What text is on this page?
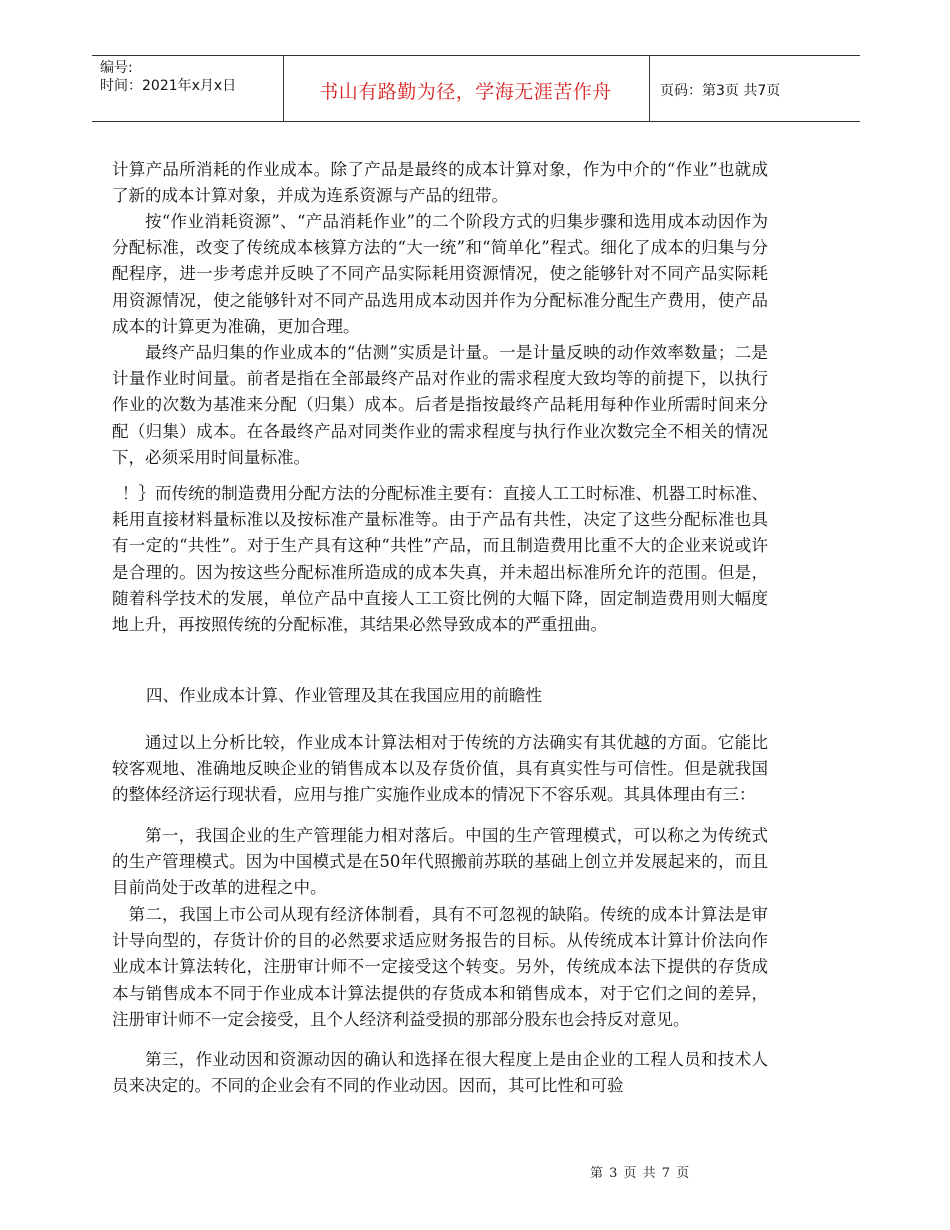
编号:
时间：2021年x月x日	书山有路勤为径，学海无涯苦作舟	页码：第3页 共7页

计算产品所消耗的作业成本。除了产品是最终的成本计算对象，作为中介的“作业”也就成了新的成本计算对象，并成为连系资源与产品的纽带。

按“作业消耗资源”、“产品消耗作业”的二个阶段方式的归集步骤和选用成本动因作为分配标准，改变了传统成本核算方法的“大一统”和“简单化”程式。细化了成本的归集与分配程序，进一步考虑并反映了不同产品实际耗用资源情况，使之能够针对不同产品实际耗用资源情况，使之能够针对不同产品选用成本动因并作为分配标准分配生产费用，使产品成本的计算更为准确，更加合理。

最终产品归集的作业成本的“估测”实质是计量。一是计量反映的动作效率数量；二是计量作业时间量。前者是指在全部最终产品对作业的需求程度大致均等的前提下，以执行作业的次数为基准来分配（归集）成本。后者是指按最终产品耗用每种作业所需时间来分配（归集）成本。在各最终产品对同类作业的需求程度与执行作业次数完全不相关的情况下，必须采用时间量标准。

！｝而传统的制造费用分配方法的分配标准主要有：直接人工工时标准、机器工时标准、耗用直接材料量标准以及按标准产量标准等。由于产品有共性，决定了这些分配标准也具有一定的“共性”。对于生产具有这种“共性”产品，而且制造费用比重不大的企业来说或许是合理的。因为按这些分配标准所造成的成本失真，并未超出标准所允许的范围。但是，随着科学技术的发展，单位产品中直接人工工资比例的大幅下降，固定制造费用则大幅度地上升，再按照传统的分配标准，其结果必然导致成本的严重扭曲。

四、作业成本计算、作业管理及其在我国应用的前瞻性

通过以上分析比较，作业成本计算法相对于传统的方法确实有其优越的方面。它能比较客观地、准确地反映企业的销售成本以及存货价值，具有真实性与可信性。但是就我国的整体经济运行现状看，应用与推广实施作业成本的情况下不容乐观。其具体理由有三：

第一，我国企业的生产管理能力相对落后。中国的生产管理模式，可以称之为传统式的生产管理模式。因为中国模式是在50年代照搬前苏联的基础上创立并发展起来的，而且目前尚处于改革的进程之中。

第二，我国上市公司从现有经济体制看，具有不可忽视的缺陷。传统的成本计算法是审计导向型的，存货计价的目的必然要求适应财务报告的目标。从传统成本计算计价法向作业成本计算法转化，注册审计师不一定接受这个转变。另外，传统成本法下提供的存货成本与销售成本不同于作业成本计算法提供的存货成本和销售成本，对于它们之间的差异，注册审计师不一定会接受，且个人经济利益受损的那部分股东也会持反对意见。

第三，作业动因和资源动因的确认和选择在很大程度上是由企业的工程人员和技术人员来决定的。不同的企业会有不同的作业动因。因而，其可比性和可验

第 3 页 共 7 页
